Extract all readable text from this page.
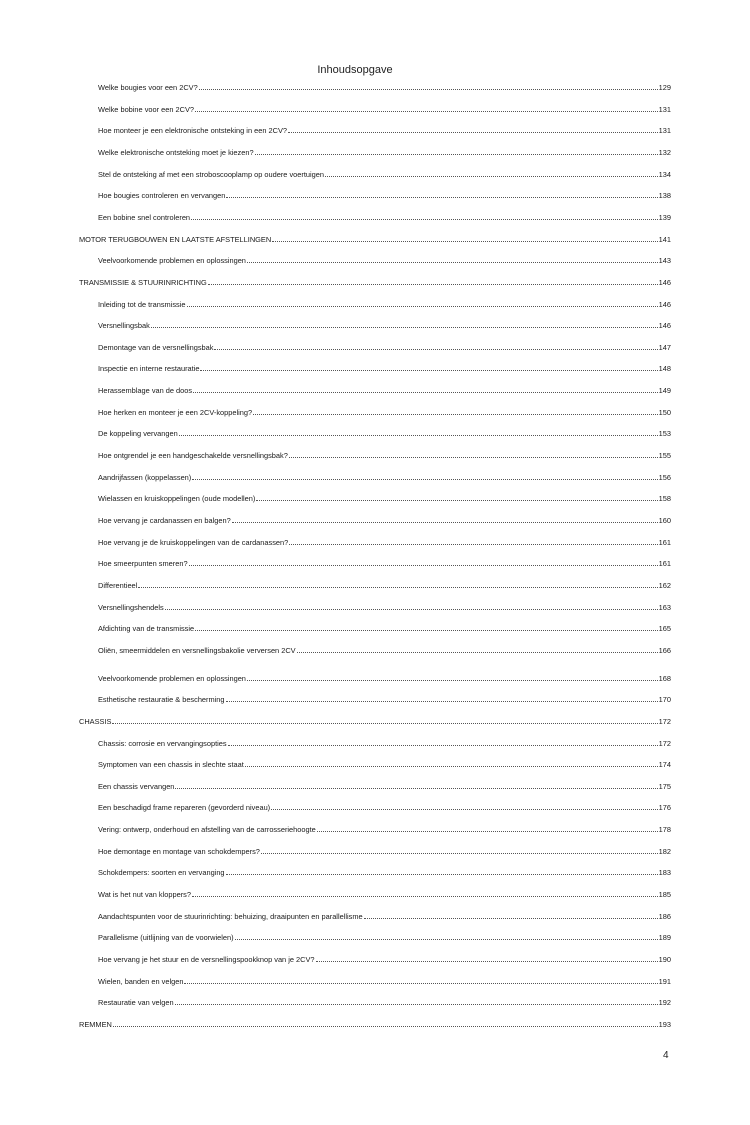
Inhoudsopgave
Welke bougies voor een 2CV?	129
Welke bobine voor een 2CV?	131
Hoe monteer je een elektronische ontsteking in een 2CV?	131
Welke elektronische ontsteking moet je kiezen?	132
Stel de ontsteking af met een stroboscooplamp op oudere voertuigen	134
Hoe bougies controleren en vervangen	138
Een bobine snel controleren	139
MOTOR TERUGBOUWEN EN LAATSTE AFSTELLINGEN	141
Veelvoorkomende problemen en oplossingen	143
TRANSMISSIE & STUURINRICHTING	146
Inleiding tot de transmissie	146
Versnellingsbak	146
Demontage van de versnellingsbak	147
Inspectie en interne restauratie	148
Herassemblage van de doos	149
Hoe herken en monteer je een 2CV-koppeling?	150
De koppeling vervangen	153
Hoe ontgrendel je een handgeschakelde versnellingsbak?	155
Aandrijfassen (koppelassen)	156
Wielassen en kruiskoppelingen (oude modellen)	158
Hoe vervang je cardanassen en balgen?	160
Hoe vervang je de kruiskoppelingen van de cardanassen?	161
Hoe smeerpunten smeren?	161
Differentieel	162
Versnellingshendels	163
Afdichting van de transmissie	165
Oliën, smeermiddelen en versnellingsbakolie verversen 2CV	166
Veelvoorkomende problemen en oplossingen	168
Esthetische restauratie & bescherming	170
CHASSIS	172
Chassis: corrosie en vervangingsopties	172
Symptomen van een chassis in slechte staat	174
Een chassis vervangen	175
Een beschadigd frame repareren (gevorderd niveau)	176
Vering: ontwerp, onderhoud en afstelling van de carrosseriehoogte	178
Hoe demontage en montage van schokdempers?	182
Schokdempers: soorten en vervanging	183
Wat is het nut van kloppers?	185
Aandachtspunten voor de stuurinrichting: behuizing, draaipunten en parallellisme	186
Parallelisme (uitlijning van de voorwielen)	189
Hoe vervang je het stuur en de versnellingspookknop van je 2CV?	190
Wielen, banden en velgen	191
Restauratie van velgen	192
REMMEN	193
4
